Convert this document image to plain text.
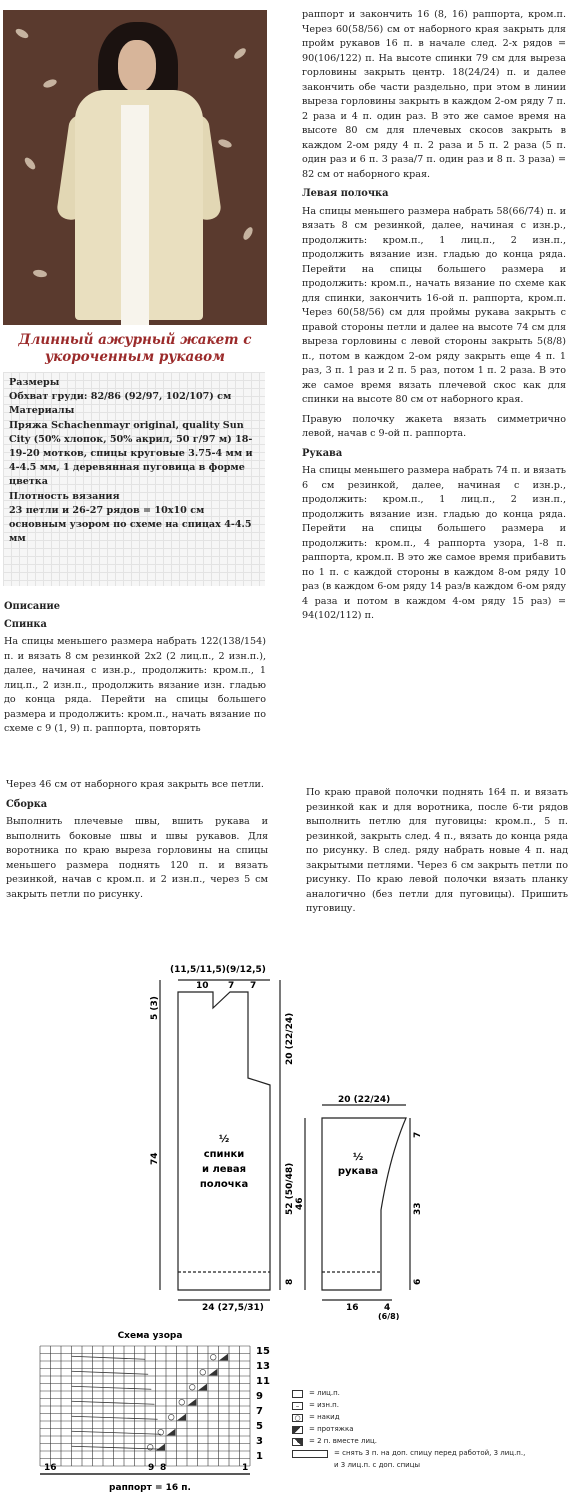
Длинный ажурный жакет с укороченным рукавом
Размеры
Обхват груди: 82/86 (92/97, 102/107) см
Материалы
Пряжа Schachenmayr original, quality Sun City (50% хлопок, 50% акрил, 50 г/97 м) 18-19-20 мотков, спицы круговые 3.75-4 мм и 4-4.5 мм, 1 деревянная пуговица в форме цветка
Плотность вязания
23 петли и 26-27 рядов = 10x10 см основным узором по схеме на спицах 4-4.5 мм
Описание
Спинка

На спицы меньшего размера набрать 122(138/154) п. и вязать 8 см резинкой 2х2 (2 лиц.п., 2 изн.п.), далее, начиная с изн.р., продолжить: кром.п., 1 лиц.п., 2 изн.п., продолжить вязание изн. гладью до конца ряда. Перейти на спицы большего размера и продолжить: кром.п., начать вязание по схеме с 9 (1, 9) п. раппорта, повторять

раппорт и закончить 16 (8, 16) раппорта, кром.п. Через 60(58/56) см от наборного края закрыть для пройм рукавов 16 п. в начале след. 2-х рядов = 90(106/122) п. На высоте спинки 79 см для выреза горловины закрыть центр. 18(24/24) п. и далее закончить обе части раздельно, при этом в линии выреза горловины закрыть в каждом 2-ом ряду 7 п. 2 раза и 4 п. один раз. В это же самое время на высоте 80 см для плечевых скосов закрыть в каждом 2-ом ряду 4 п. 2 раза и 5 п. 2 раза (5 п. один раз и 6 п. 3 раза/7 п. один раз и 8 п. 3 раза) = 82 см от наборного края.

Левая полочка

На спицы меньшего размера набрать 58(66/74) п. и вязать 8 см резинкой, далее, начиная с изн.р., продолжить: кром.п., 1 лиц.п., 2 изн.п., продолжить вязание изн. гладью до конца ряда. Перейти на спицы большего размера и продолжить: кром.п., начать вязание по схеме как для спинки, закончить 16-ой п. раппорта, кром.п. Через 60(58/56) см для проймы рукава закрыть с правой стороны петли и далее на высоте 74 см для выреза горловины с левой стороны закрыть 5(8/8) п., потом в каждом 2-ом ряду закрыть еще 4 п. 1 раз, 3 п. 1 раз и 2 п. 5 раз, потом 1 п. 2 раза. В это же самое время вязать плечевой скос как для спинки на высоте 80 см от наборного края.

Правую полочку жакета вязать симметрично левой, начав с 9-ой п. раппорта.

Рукава

На спицы меньшего размера набрать 74 п. и вязать 6 см резинкой, далее, начиная с изн.р., продолжить: кром.п., 1 лиц.п., 2 изн.п., продолжить вязание изн. гладью до конца ряда. Перейти на спицы большего размера и продолжить: кром.п., 4 раппорта узора, 1-8 п. раппорта, кром.п. В это же самое время прибавить по 1 п. с каждой стороны в каждом 8-ом ряду 10 раз (в каждом 6-ом ряду 14 раз/в каждом 6-ом ряду 4 раза и потом в каждом 4-ом ряду 15 раз) = 94(102/112) п.

Через 46 см от наборного края закрыть все петли.

Сборка

Выполнить плечевые швы, вшить рукава и выполнить боковые швы и швы рукавов. Для воротника по краю выреза горловины на спицы меньшего размера поднять 120 п. и вязать резинкой, начав с кром.п. и 2 изн.п., через 5 см закрыть петли по рисунку.

По краю правой полочки поднять 164 п. и вязать резинкой как и для воротника, после 6-ти рядов выполнить петлю для пуговицы: кром.п., 5 п. резинкой, закрыть след. 4 п., вязать до конца ряда по рисунку. В след. ряду набрать новые 4 п. над закрытыми петлями. Через 6 см закрыть петли по рисунку. По краю левой полочки вязать планку аналогично (без петли для пуговицы). Пришить пуговицу.

(11,5/11,5)(9/12,5)
10 7 7
5 (3)
20 (22/24)
74
52 (50/48)
8
½
спинки
и левая
полочка
24 (27,5/31)
20 (22/24)
½
рукава
7
46	33
6
16	4
(6/8)
Схема узора
15
13
11
9
7
5
3
1
16	9 8	1
раппорт = 16 п.
= лиц.п.
–	= изн.п.
○	= накид
= протяжка
= 2 п. вместе лиц.
= снять 3 п. на доп. спицу перед работой, 3 лиц.п.,
и 3 лиц.п. с доп. спицы
